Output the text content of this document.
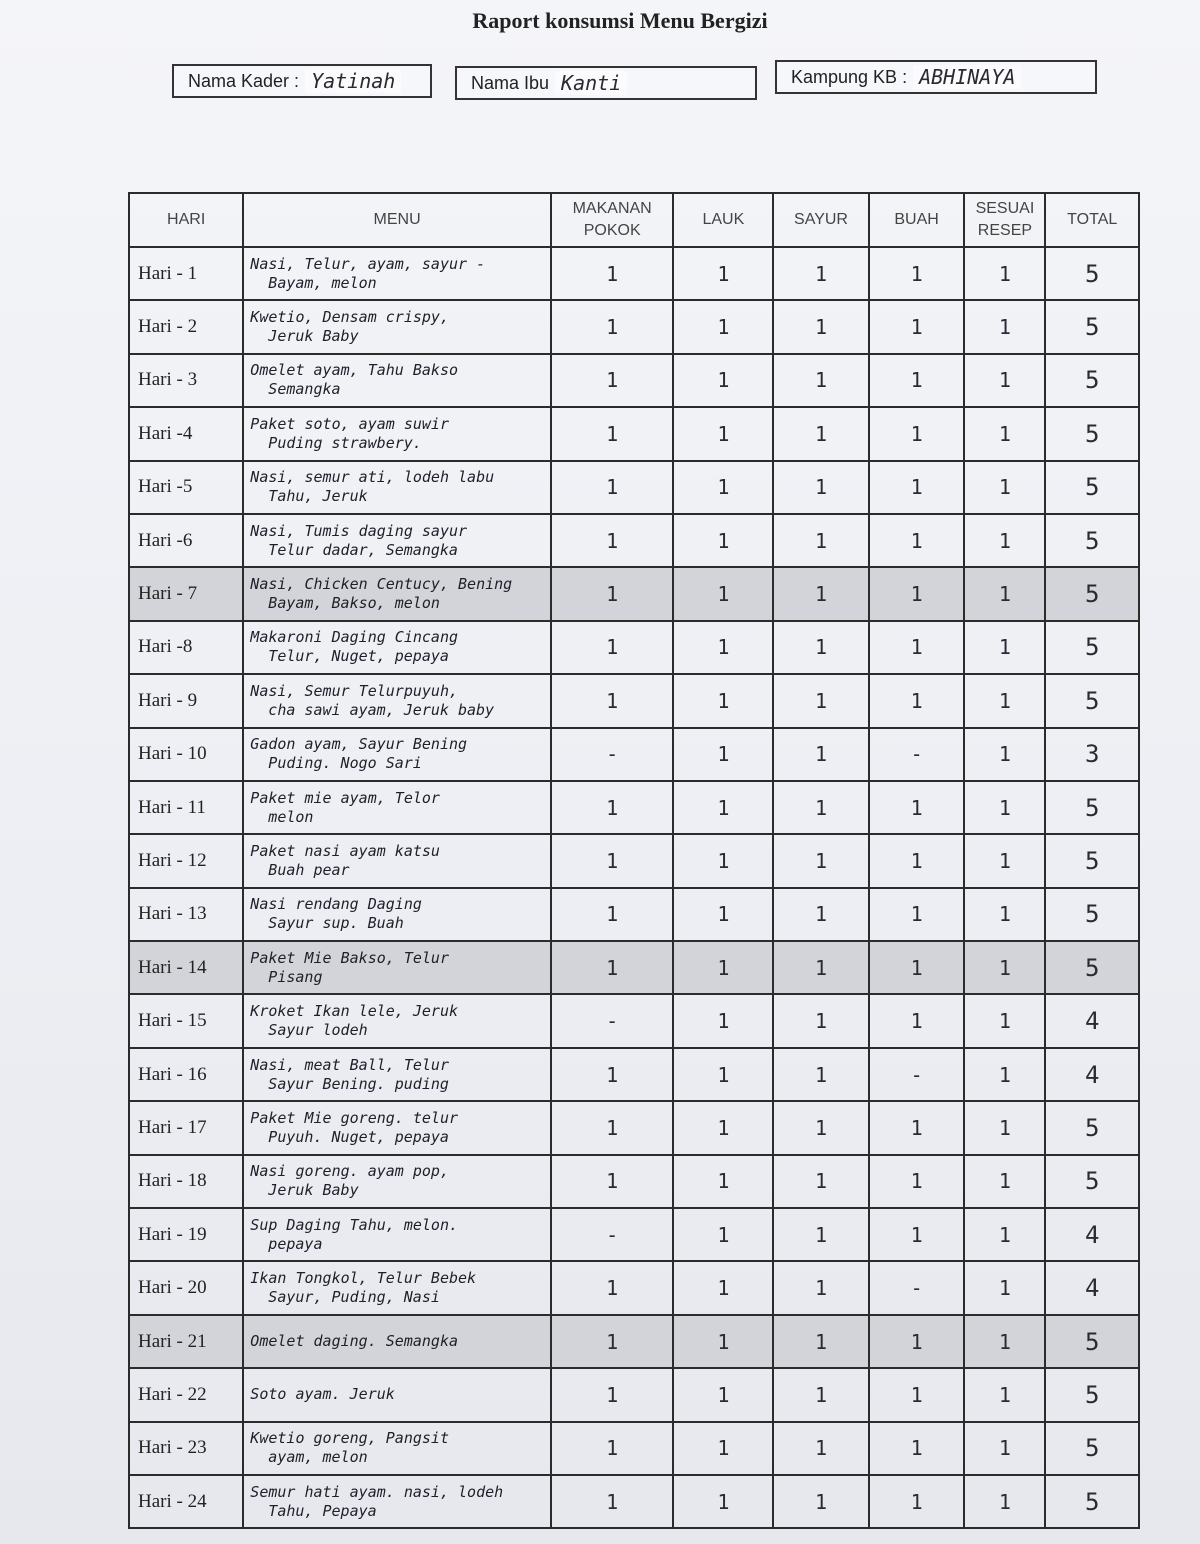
Raport konsumsi Menu Bergizi
Nama Kader : Yatinah	Nama Ibu Kanti	Kampung KB : ABHINAYA
HARI	MENU	MAKANAN POKOK	LAUK	SAYUR	BUAH	SESUAI RESEP	TOTAL
Hari - 1	Nasi, Telur, ayam, sayur -
Bayam, melon	1	1	1	1	1	5
Hari - 2	Kwetio, Densam crispy,
Jeruk Baby	1	1	1	1	1	5
Hari - 3	Omelet ayam, Tahu Bakso
Semangka	1	1	1	1	1	5
Hari -4	Paket soto, ayam suwir
Puding strawbery.	1	1	1	1	1	5
Hari -5	Nasi, semur ati, lodeh labu
Tahu, Jeruk	1	1	1	1	1	5
Hari -6	Nasi, Tumis daging sayur
Telur dadar, Semangka	1	1	1	1	1	5
Hari - 7	Nasi, Chicken Centucy, Bening
Bayam, Bakso, melon	1	1	1	1	1	5
Hari -8	Makaroni Daging Cincang
Telur, Nuget, pepaya	1	1	1	1	1	5
Hari - 9	Nasi, Semur Telurpuyuh,
cha sawi ayam, Jeruk baby	1	1	1	1	1	5
Hari - 10	Gadon ayam, Sayur Bening
Puding. Nogo Sari	-	1	1	-	1	3
Hari - 11	Paket mie ayam, Telor
melon	1	1	1	1	1	5
Hari - 12	Paket nasi ayam katsu
Buah pear	1	1	1	1	1	5
Hari - 13	Nasi rendang Daging
Sayur sup. Buah	1	1	1	1	1	5
Hari - 14	Paket Mie Bakso, Telur
Pisang	1	1	1	1	1	5
Hari - 15	Kroket Ikan lele, Jeruk
Sayur lodeh	-	1	1	1	1	4
Hari - 16	Nasi, meat Ball, Telur
Sayur Bening. puding	1	1	1	-	1	4
Hari - 17	Paket Mie goreng. telur
Puyuh. Nuget, pepaya	1	1	1	1	1	5
Hari - 18	Nasi goreng. ayam pop,
Jeruk Baby	1	1	1	1	1	5
Hari - 19	Sup Daging Tahu, melon.
pepaya	-	1	1	1	1	4
Hari - 20	Ikan Tongkol, Telur Bebek
Sayur, Puding, Nasi	1	1	1	-	1	4
Hari - 21	Omelet daging. Semangka	1	1	1	1	1	5
Hari - 22	Soto ayam. Jeruk	1	1	1	1	1	5
Hari - 23	Kwetio goreng, Pangsit
ayam, melon	1	1	1	1	1	5
Hari - 24	Semur hati ayam. nasi, lodeh
Tahu, Pepaya	1	1	1	1	1	5
